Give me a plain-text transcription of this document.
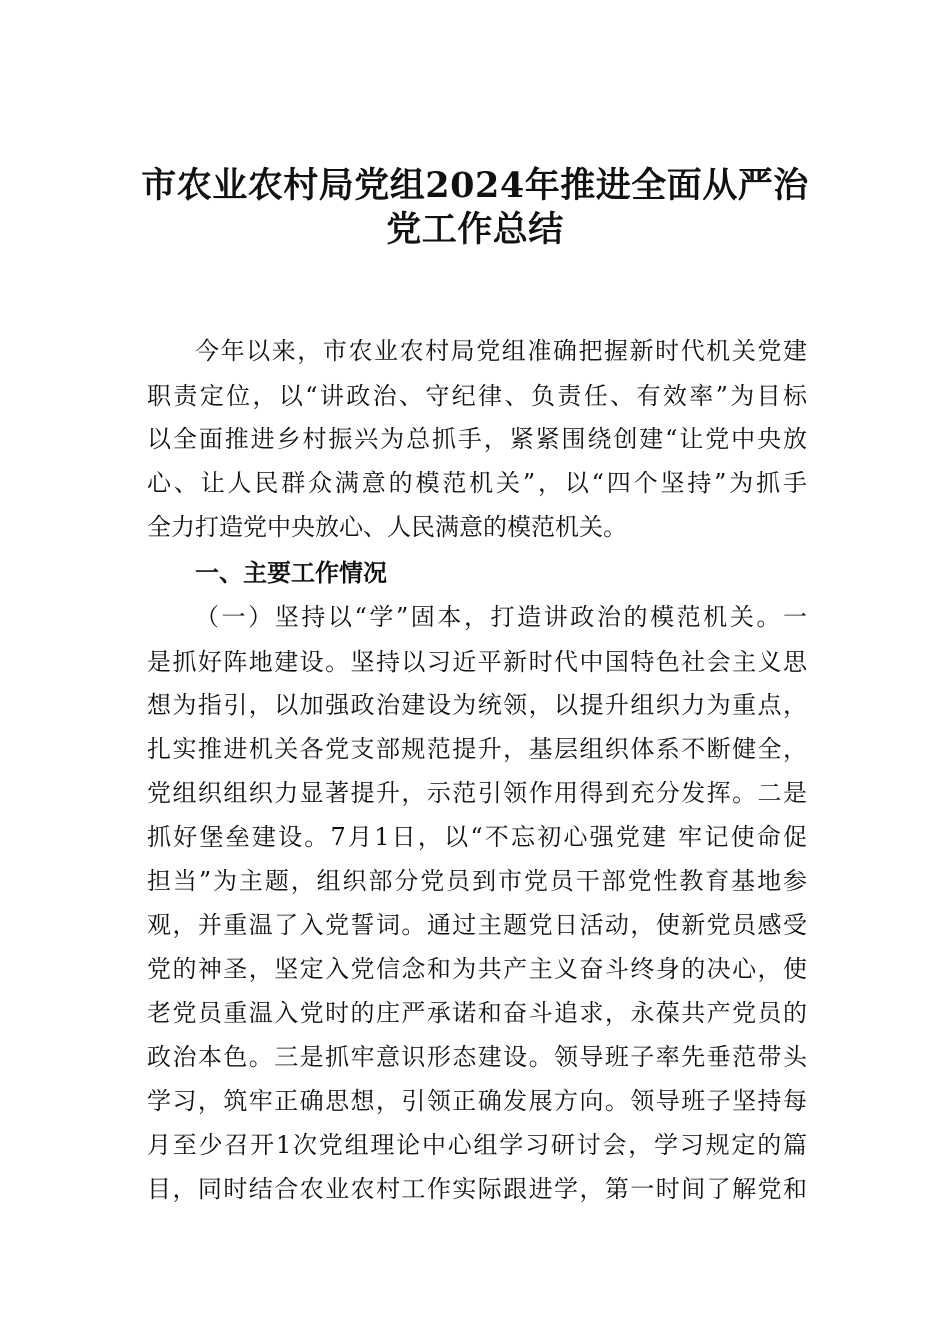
市农业农村局党组2024年推进全面从严治
党工作总结

今年以来，市农业农村局党组准确把握新时代机关党建

职责定位，以“讲政治、守纪律、负责任、有效率”为目标

以全面推进乡村振兴为总抓手，紧紧围绕创建“让党中央放

心、让人民群众满意的模范机关”，以“四个坚持”为抓手

全力打造党中央放心、人民满意的模范机关。

一、主要工作情况

（一）坚持以“学”固本，打造讲政治的模范机关。一

是抓好阵地建设。坚持以习近平新时代中国特色社会主义思

想为指引，以加强政治建设为统领，以提升组织力为重点，

扎实推进机关各党支部规范提升，基层组织体系不断健全，

党组织组织力显著提升，示范引领作用得到充分发挥。二是

抓好堡垒建设。7月1日，以“不忘初心强党建 牢记使命促

担当”为主题，组织部分党员到市党员干部党性教育基地参

观，并重温了入党誓词。通过主题党日活动，使新党员感受

党的神圣，坚定入党信念和为共产主义奋斗终身的决心，使

老党员重温入党时的庄严承诺和奋斗追求，永葆共产党员的

政治本色。三是抓牢意识形态建设。领导班子率先垂范带头

学习，筑牢正确思想，引领正确发展方向。领导班子坚持每

月至少召开1次党组理论中心组学习研讨会，学习规定的篇

目，同时结合农业农村工作实际跟进学，第一时间了解党和
